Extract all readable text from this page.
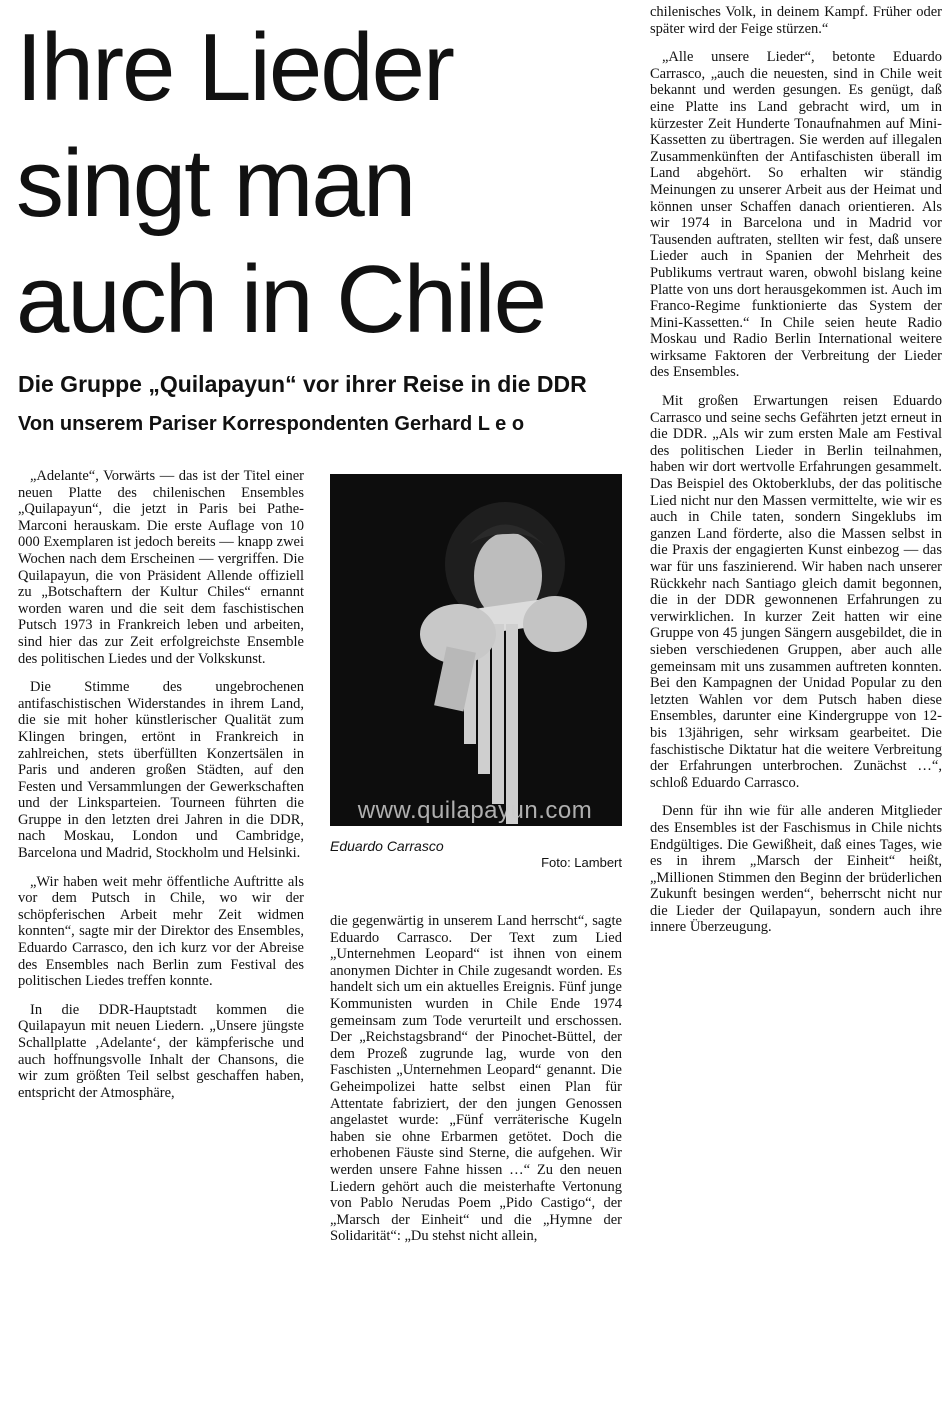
Ihre Lieder
singt man
auch in Chile

Die Gruppe „Quilapayun“ vor ihrer Reise in die DDR

Von unserem Pariser Korrespondenten Gerhard L e o

„Adelante“, Vorwärts — das ist der Titel einer neuen Platte des chilenischen Ensembles „Quilapayun“, die jetzt in Paris bei Pathe-Marconi herauskam. Die erste Auflage von 10 000 Exemplaren ist jedoch bereits — knapp zwei Wochen nach dem Erscheinen — vergriffen. Die Quilapayun, die von Präsident Allende offiziell zu „Botschaftern der Kultur Chiles“ ernannt worden waren und die seit dem faschistischen Putsch 1973 in Frankreich leben und arbeiten, sind hier das zur Zeit erfolgreichste Ensemble des politischen Liedes und der Volkskunst.

Die Stimme des ungebrochenen antifaschistischen Widerstandes in ihrem Land, die sie mit hoher künstlerischer Qualität zum Klingen bringen, ertönt in Frankreich in zahlreichen, stets überfüllten Konzertsälen in Paris und anderen großen Städten, auf den Festen und Versammlungen der Gewerkschaften und der Linksparteien. Tourneen führten die Gruppe in den letzten drei Jahren in die DDR, nach Moskau, London und Cambridge, Barcelona und Madrid, Stockholm und Helsinki.

„Wir haben weit mehr öffentliche Auftritte als vor dem Putsch in Chile, wo wir der schöpferischen Arbeit mehr Zeit widmen konnten“, sagte mir der Direktor des Ensembles, Eduardo Carrasco, den ich kurz vor der Abreise des Ensembles nach Berlin zum Festival des politischen Liedes treffen konnte.

In die DDR-Hauptstadt kommen die Quilapayun mit neuen Liedern. „Unsere jüngste Schallplatte ‚Adelante‘, der kämpferische und auch hoffnungsvolle Inhalt der Chansons, die wir zum größten Teil selbst geschaffen haben, entspricht der Atmosphäre,

www.quilapayun.com

Eduardo Carrasco

Foto: Lambert

die gegenwärtig in unserem Land herrscht“, sagte Eduardo Carrasco. Der Text zum Lied „Unternehmen Leopard“ ist ihnen von einem anonymen Dichter in Chile zugesandt worden. Es handelt sich um ein aktuelles Ereignis. Fünf junge Kommunisten wurden in Chile Ende 1974 gemeinsam zum Tode verurteilt und erschossen. Der „Reichstagsbrand“ der Pinochet-Büttel, der dem Prozeß zugrunde lag, wurde von den Faschisten „Unternehmen Leopard“ genannt. Die Geheimpolizei hatte selbst einen Plan für Attentate fabriziert, der den jungen Genossen angelastet wurde: „Fünf verräterische Kugeln haben sie ohne Erbarmen getötet. Doch die erhobenen Fäuste sind Sterne, die aufgehen. Wir werden unsere Fahne hissen …“ Zu den neuen Liedern gehört auch die meisterhafte Vertonung von Pablo Nerudas Poem „Pido Castigo“, der „Marsch der Einheit“ und die „Hymne der Solidarität“: „Du stehst nicht allein,

chilenisches Volk, in deinem Kampf. Früher oder später wird der Feige stürzen.“

„Alle unsere Lieder“, betonte Eduardo Carrasco, „auch die neuesten, sind in Chile weit bekannt und werden gesungen. Es genügt, daß eine Platte ins Land gebracht wird, um in kürzester Zeit Hunderte Tonaufnahmen auf Mini-Kassetten zu übertragen. Sie werden auf illegalen Zusammenkünften der Antifaschisten überall im Land abgehört. So erhalten wir ständig Meinungen zu unserer Arbeit aus der Heimat und können unser Schaffen danach orientieren. Als wir 1974 in Barcelona und in Madrid vor Tausenden auftraten, stellten wir fest, daß unsere Lieder auch in Spanien der Mehrheit des Publikums vertraut waren, obwohl bislang keine Platte von uns dort herausgekommen ist. Auch im Franco-Regime funktionierte das System der Mini-Kassetten.“ In Chile seien heute Radio Moskau und Radio Berlin International weitere wirksame Faktoren der Verbreitung der Lieder des Ensembles.

Mit großen Erwartungen reisen Eduardo Carrasco und seine sechs Gefährten jetzt erneut in die DDR. „Als wir zum ersten Male am Festival des politischen Lieder in Berlin teilnahmen, haben wir dort wertvolle Erfahrungen gesammelt. Das Beispiel des Oktoberklubs, der das politische Lied nicht nur den Massen vermittelte, wie wir es auch in Chile taten, sondern Singeklubs im ganzen Land förderte, also die Massen selbst in die Praxis der engagierten Kunst einbezog — das war für uns faszinierend. Wir haben nach unserer Rückkehr nach Santiago gleich damit begonnen, die in der DDR gewonnenen Erfahrungen zu verwirklichen. In kurzer Zeit hatten wir eine Gruppe von 45 jungen Sängern ausgebildet, die in sieben verschiedenen Gruppen, aber auch alle gemeinsam mit uns zusammen auftreten konnten. Bei den Kampagnen der Unidad Popular zu den letzten Wahlen vor dem Putsch haben diese Ensembles, darunter eine Kindergruppe von 12- bis 13jährigen, sehr wirksam gearbeitet. Die faschistische Diktatur hat die weitere Verbreitung der Erfahrungen unterbrochen. Zunächst …“, schloß Eduardo Carrasco.

Denn für ihn wie für alle anderen Mitglieder des Ensembles ist der Faschismus in Chile nichts Endgültiges. Die Gewißheit, daß eines Tages, wie es in ihrem „Marsch der Einheit“ heißt, „Millionen Stimmen den Beginn der brüderlichen Zukunft besingen werden“, beherrscht nicht nur die Lieder der Quilapayun, sondern auch ihre innere Überzeugung.
